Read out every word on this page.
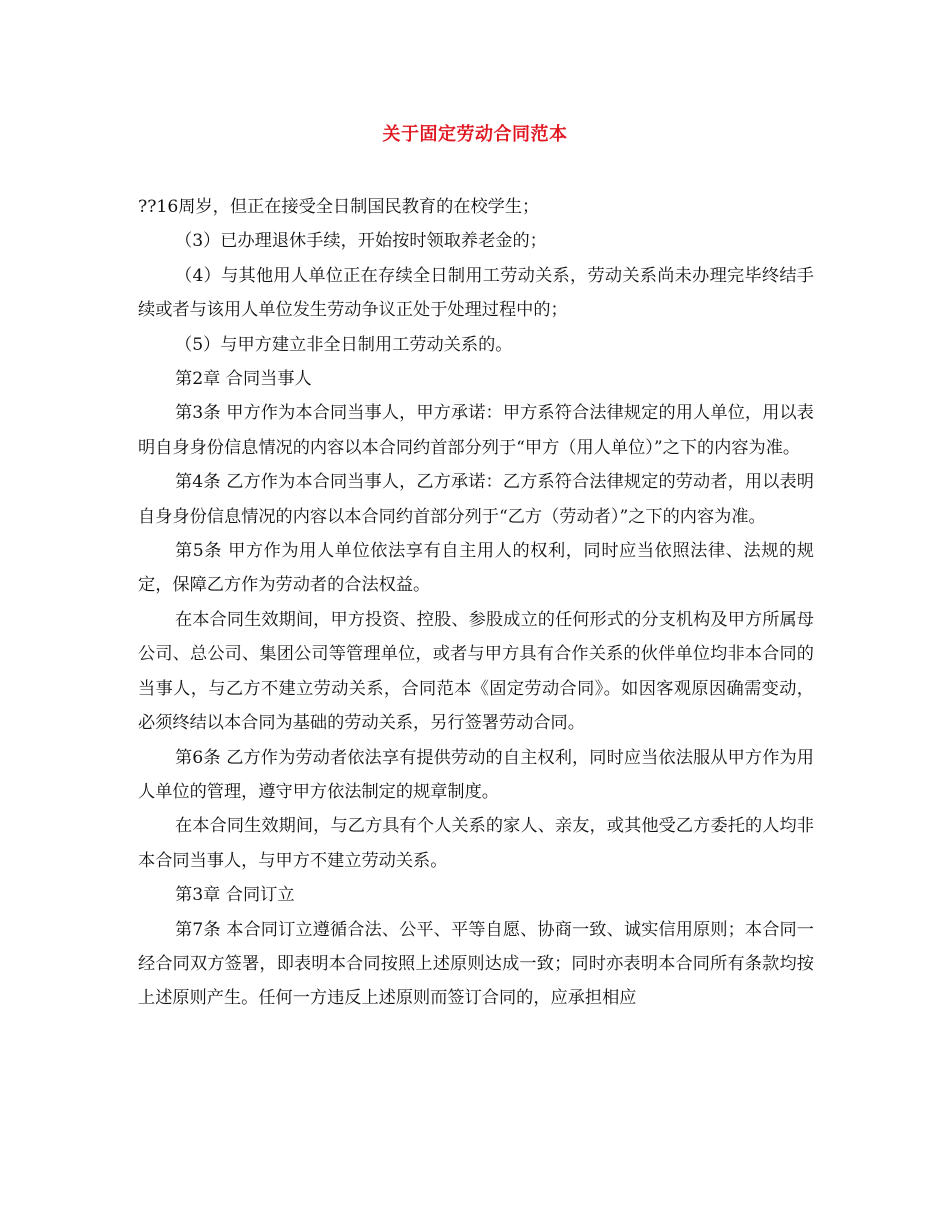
关于固定劳动合同范本

??16周岁，但正在接受全日制国民教育的在校学生；

（3）已办理退休手续，开始按时领取养老金的；

（4）与其他用人单位正在存续全日制用工劳动关系，劳动关系尚未办理完毕终结手续或者与该用人单位发生劳动争议正处于处理过程中的；

（5）与甲方建立非全日制用工劳动关系的。

第2章 合同当事人

第3条 甲方作为本合同当事人，甲方承诺：甲方系符合法律规定的用人单位，用以表明自身身份信息情况的内容以本合同约首部分列于“甲方（用人单位）”之下的内容为准。

第4条 乙方作为本合同当事人，乙方承诺：乙方系符合法律规定的劳动者，用以表明自身身份信息情况的内容以本合同约首部分列于“乙方（劳动者）”之下的内容为准。

第5条 甲方作为用人单位依法享有自主用人的权利，同时应当依照法律、法规的规定，保障乙方作为劳动者的合法权益。

在本合同生效期间，甲方投资、控股、参股成立的任何形式的分支机构及甲方所属母公司、总公司、集团公司等管理单位，或者与甲方具有合作关系的伙伴单位均非本合同的当事人，与乙方不建立劳动关系，合同范本《固定劳动合同》。如因客观原因确需变动，必须终结以本合同为基础的劳动关系，另行签署劳动合同。

第6条 乙方作为劳动者依法享有提供劳动的自主权利，同时应当依法服从甲方作为用人单位的管理，遵守甲方依法制定的规章制度。

在本合同生效期间，与乙方具有个人关系的家人、亲友，或其他受乙方委托的人均非本合同当事人，与甲方不建立劳动关系。

第3章 合同订立

第7条 本合同订立遵循合法、公平、平等自愿、协商一致、诚实信用原则；本合同一经合同双方签署，即表明本合同按照上述原则达成一致；同时亦表明本合同所有条款均按上述原则产生。任何一方违反上述原则而签订合同的，应承担相应
